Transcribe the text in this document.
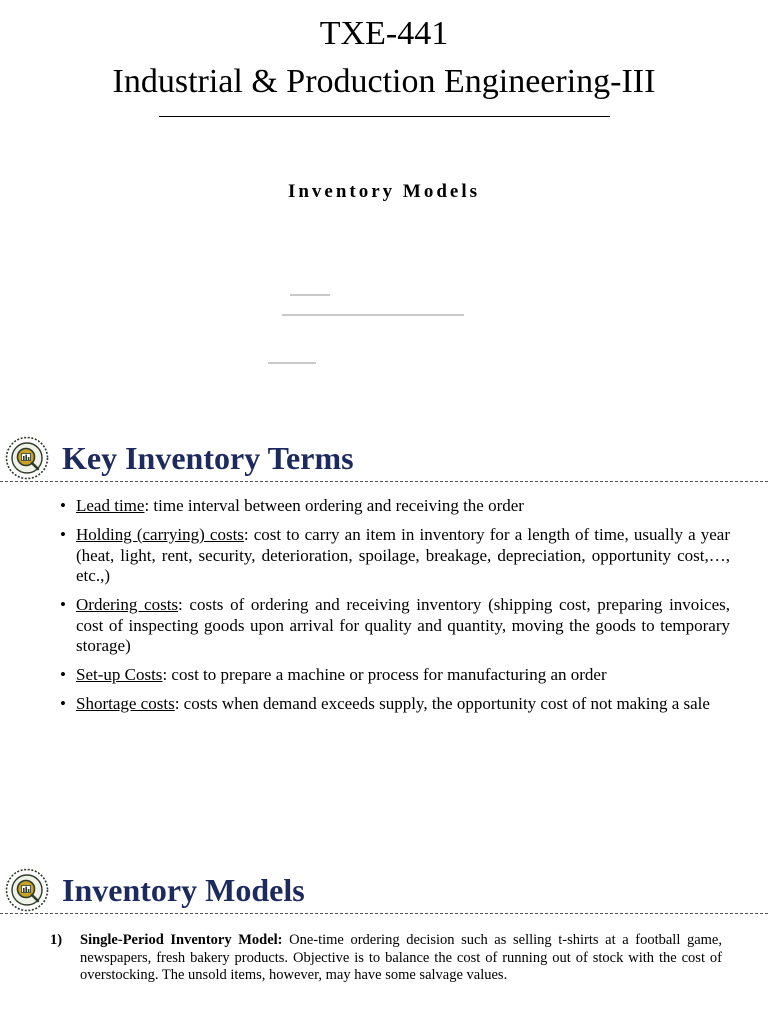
TXE-441
Industrial & Production Engineering-III
Inventory Models
Key Inventory Terms
• Lead time: time interval between ordering and receiving the order
• Holding (carrying) costs: cost to carry an item in inventory for a length of time, usually a year (heat, light, rent, security, deterioration, spoilage, breakage, depreciation, opportunity cost,…, etc.,)
• Ordering costs: costs of ordering and receiving inventory (shipping cost, preparing invoices, cost of inspecting goods upon arrival for quality and quantity, moving the goods to temporary storage)
• Set-up Costs: cost to prepare a machine or process for manufacturing an order
• Shortage costs: costs when demand exceeds supply, the opportunity cost of not making a sale
Inventory Models
1) Single-Period Inventory Model: One-time ordering decision such as selling t-shirts at a football game, newspapers, fresh bakery products. Objective is to balance the cost of running out of stock with the cost of overstocking. The unsold items, however, may have some salvage values.
